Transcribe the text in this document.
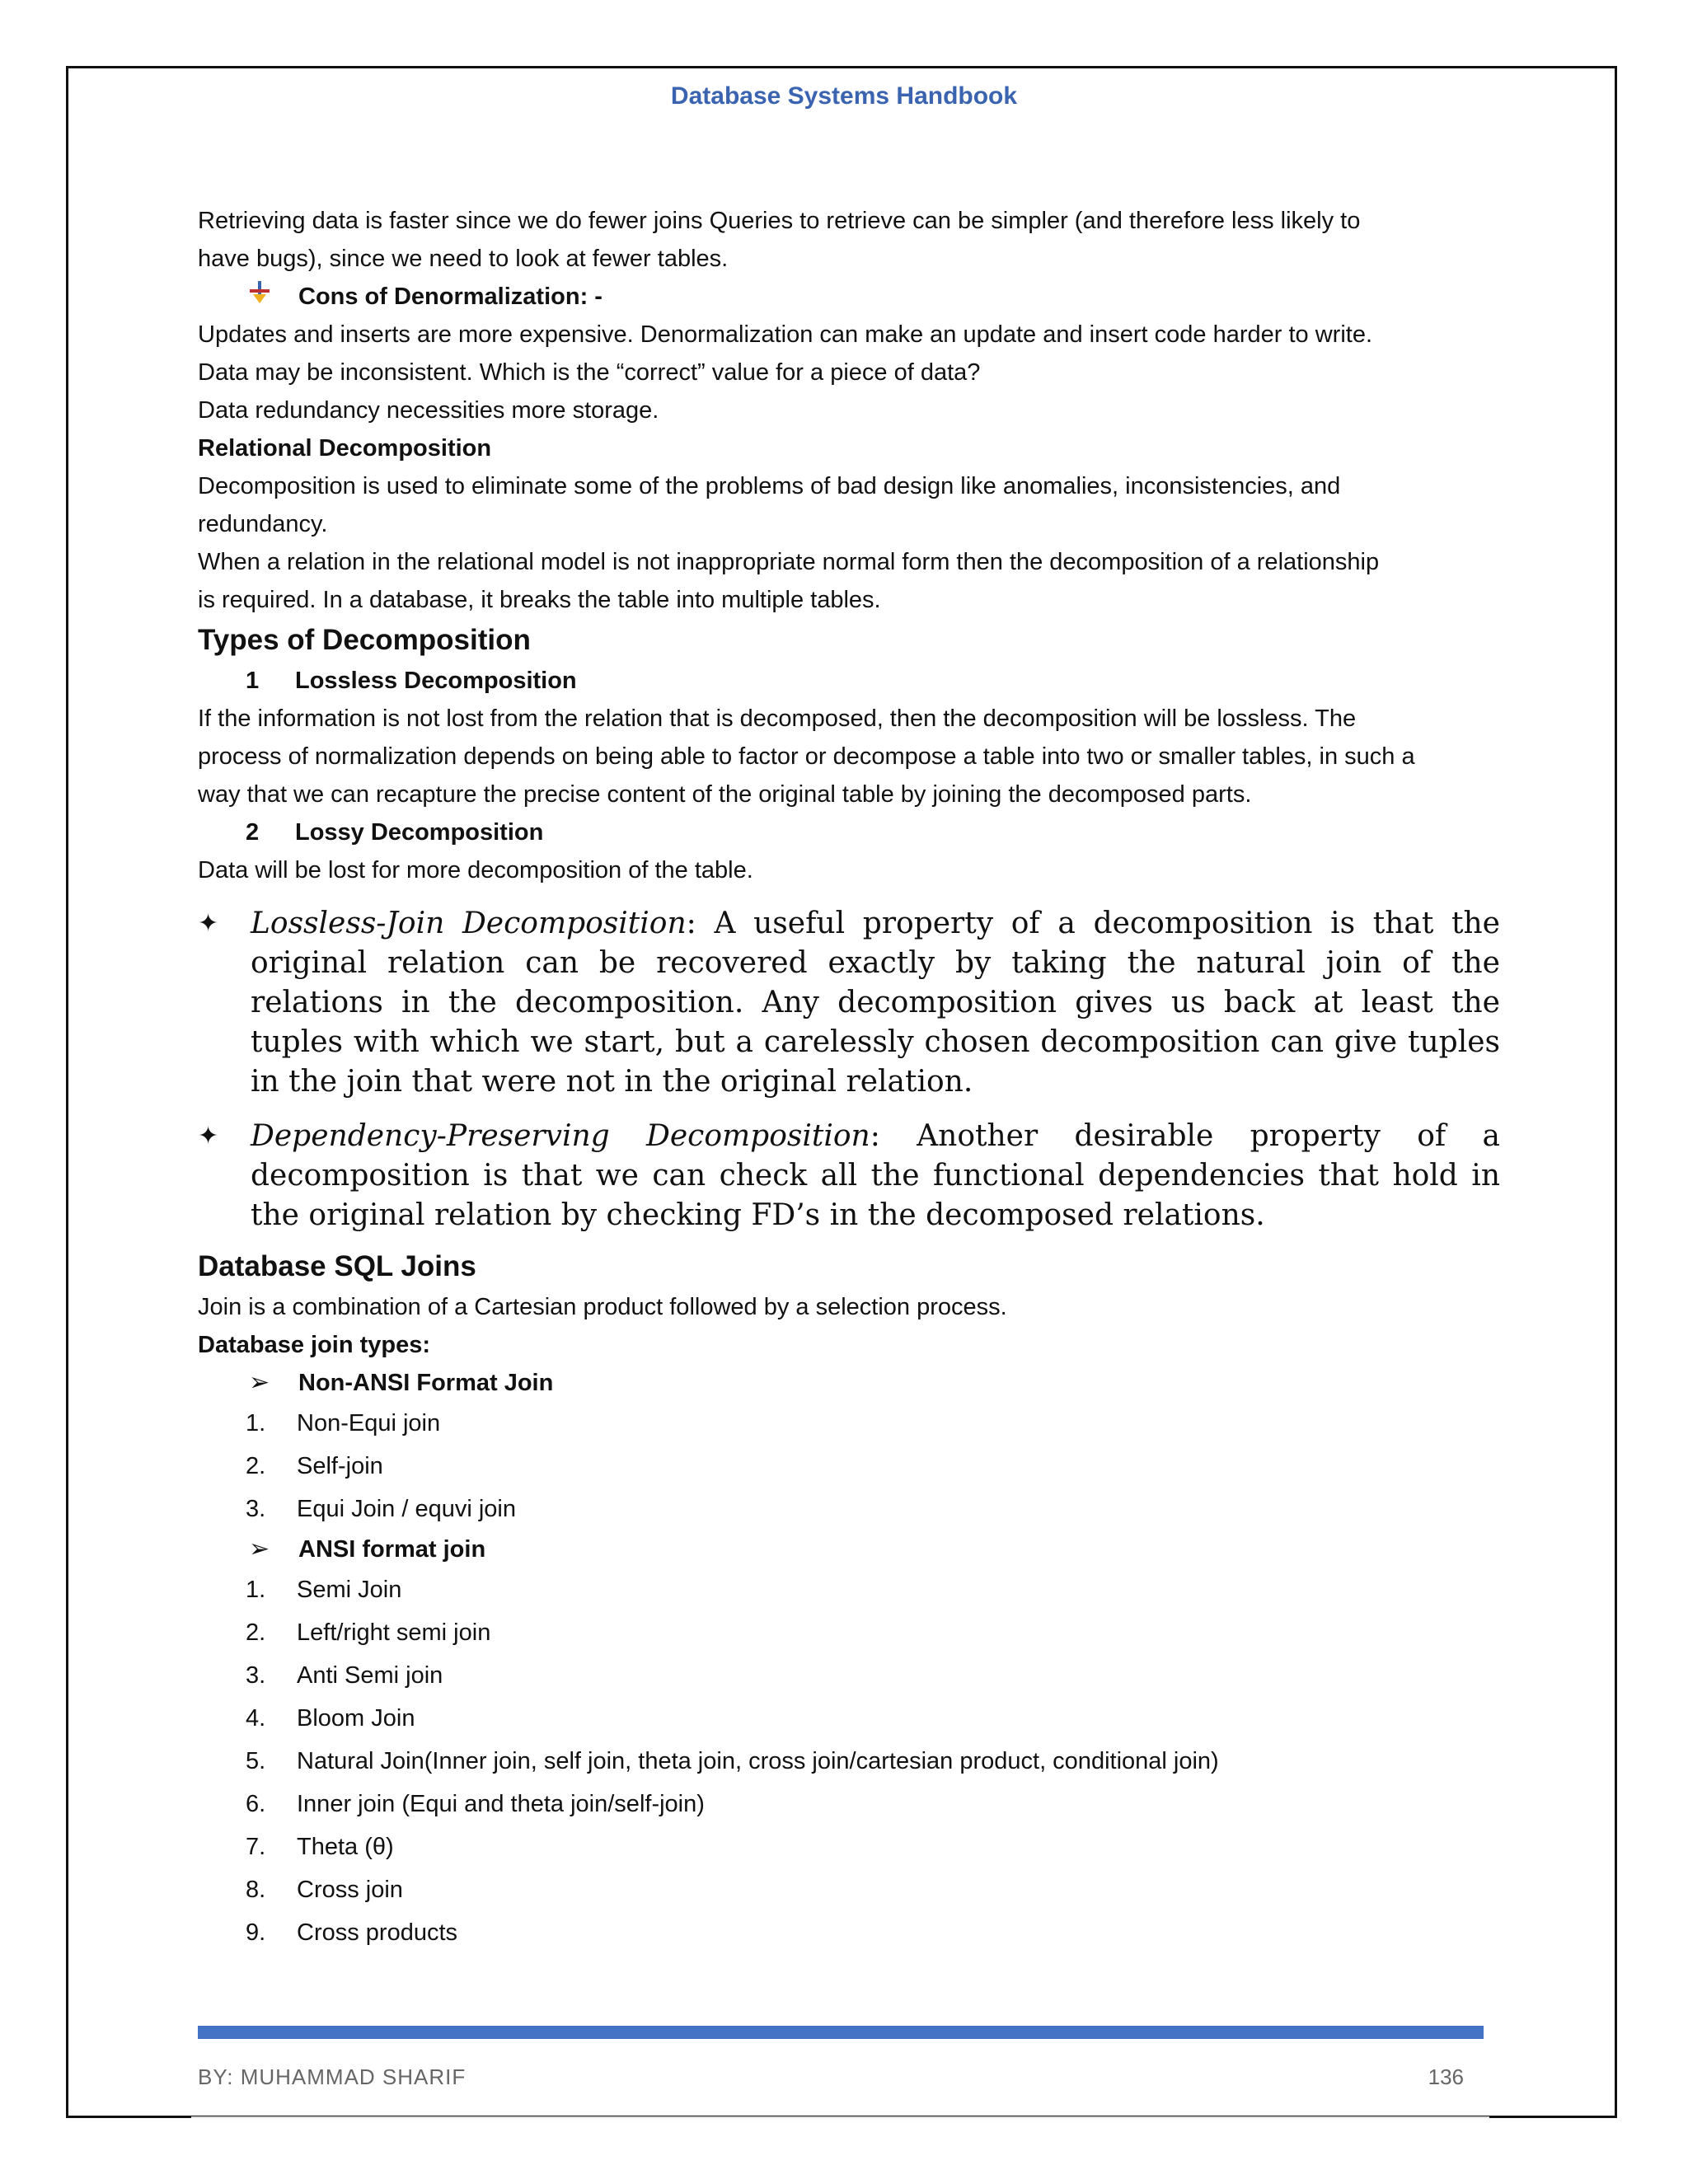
Database Systems Handbook
Retrieving data is faster since we do fewer joins Queries to retrieve can be simpler (and therefore less likely to
have bugs), since we need to look at fewer tables.
Cons of Denormalization: -
Updates and inserts are more expensive. Denormalization can make an update and insert code harder to write.
Data may be inconsistent. Which is the “correct” value for a piece of data?
Data redundancy necessities more storage.
Relational Decomposition
Decomposition is used to eliminate some of the problems of bad design like anomalies, inconsistencies, and
redundancy.
When a relation in the relational model is not inappropriate normal form then the decomposition of a relationship
is required. In a database, it breaks the table into multiple tables.
Types of Decomposition
1	Lossless Decomposition
If the information is not lost from the relation that is decomposed, then the decomposition will be lossless. The
process of normalization depends on being able to factor or decompose a table into two or smaller tables, in such a
way that we can recapture the precise content of the original table by joining the decomposed parts.
2	Lossy Decomposition
Data will be lost for more decomposition of the table.
✦	Lossless-Join Decomposition: A useful property of a decomposition is that the original relation can be recovered exactly by taking the natural join of the relations in the decomposition. Any decomposition gives us back at least the tuples with which we start, but a carelessly chosen decomposition can give tuples in the join that were not in the original relation.
✦	Dependency-Preserving Decomposition: Another desirable property of a decomposition is that we can check all the functional dependencies that hold in the original relation by checking FD’s in the decomposed relations.
Database SQL Joins
Join is a combination of a Cartesian product followed by a selection process.
Database join types:
➢	Non-ANSI Format Join
1.	Non-Equi join
2.	Self-join
3.	Equi Join / equvi join
➢	ANSI format join
1.	Semi Join
2.	Left/right semi join
3.	Anti Semi join
4.	Bloom Join
5.	Natural Join(Inner join, self join, theta join, cross join/cartesian product, conditional join)
6.	Inner join (Equi and theta join/self-join)
7.	Theta (θ)
8.	Cross join
9.	Cross products
BY: MUHAMMAD SHARIF	136
